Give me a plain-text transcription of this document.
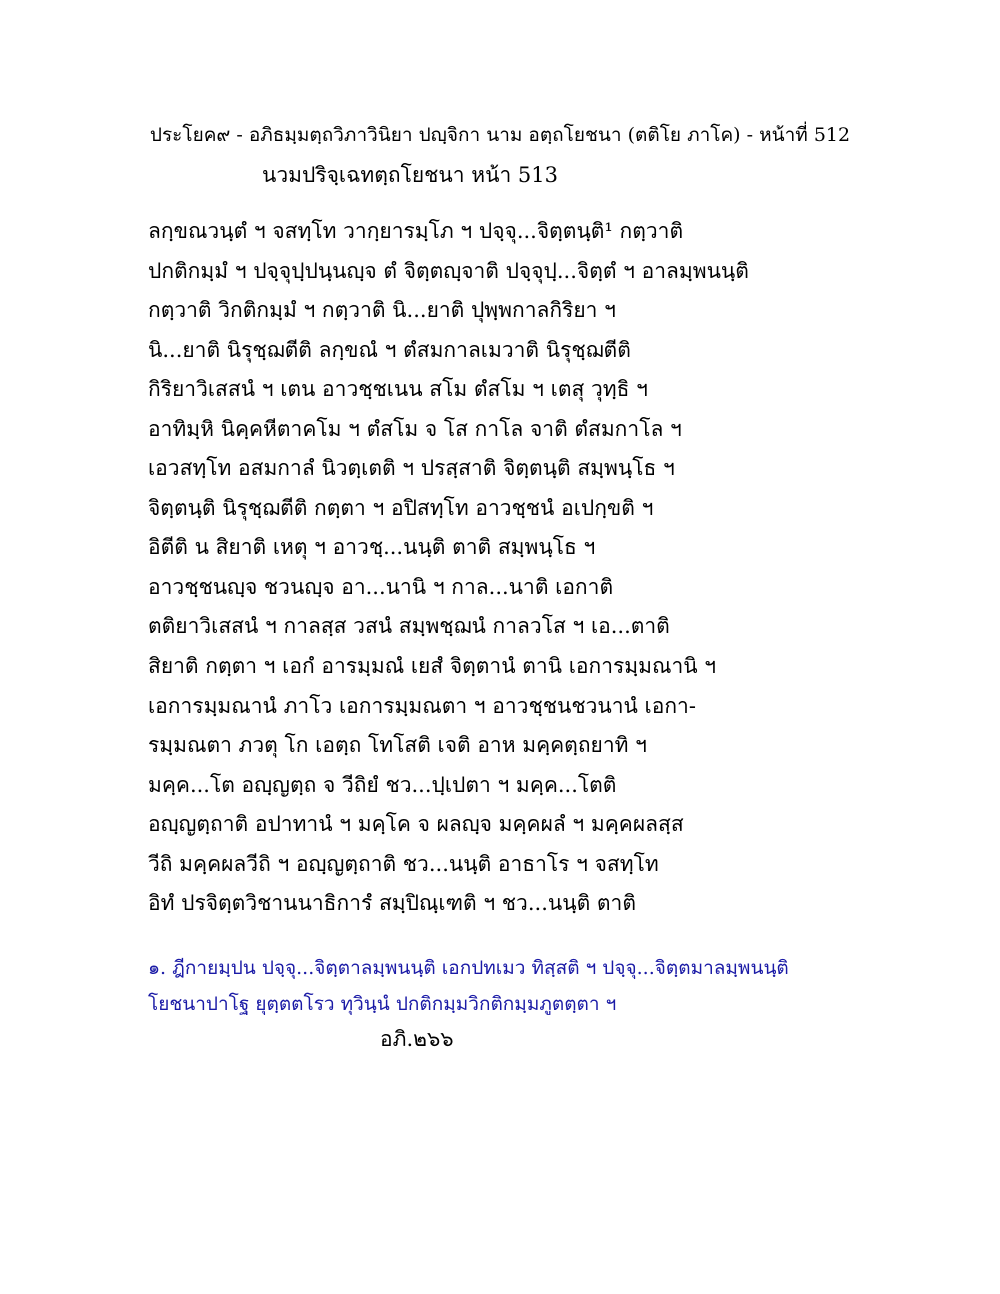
ประโยค๙ - อภิธมฺมตฺถวิภาวินิยา ปญฺจิกา นาม อตฺถโยชนา (ตติโย ภาโค) - หน้าที่ 512
นวมปริจฺเฉทตฺถโยชนา หน้า 513
ลกฺขณวนฺตํ ฯ จสทฺโท วากฺยารมฺโภ ฯ ปจฺจุ...จิตฺตนฺติ¹ กตฺวาติ
ปกติกมฺมํ ฯ ปจฺจุปฺปนฺนญฺจ ตํ จิตฺตญฺจาติ ปจฺจุปฺ...จิตฺตํ ฯ อาลมฺพนนฺติ
กตฺวาติ วิกติกมฺมํ ฯ กตฺวาติ นิ...ยาติ ปุพฺพกาลกิริยา ฯ
นิ...ยาติ นิรุชฺฌตีติ ลกฺขณํ ฯ ตํสมกาลเมวาติ นิรุชฺฌตีติ
กิริยาวิเสสนํ ฯ เตน อาวชฺชเนน สโม ตํสโม ฯ เตสุ วุทฺธิ ฯ
อาทิมฺหิ นิคฺคหีตาคโม ฯ ตํสโม จ โส กาโล จาติ ตํสมกาโล ฯ
เอวสทฺโท อสมกาลํ นิวตฺเตติ ฯ ปรสฺสาติ จิตฺตนฺติ สมฺพนฺโธ ฯ
จิตฺตนฺติ นิรุชฺฌตีติ กตฺตา ฯ อปิสทฺโท อาวชฺชนํ อเปกฺขติ ฯ
อิตีติ น สิยาติ เหตุ ฯ อาวชฺ...นนฺติ ตาติ สมฺพนฺโธ ฯ
อาวชฺชนญฺจ ชวนญฺจ อา...นานิ ฯ กาล...นาติ เอกาติ
ตติยาวิเสสนํ ฯ กาลสฺส วสนํ สมฺพชฺฌนํ กาลวโส ฯ เอ...ตาติ
สิยาติ กตฺตา ฯ เอกํ อารมฺมณํ เยสํ จิตฺตานํ ตานิ เอการมฺมณานิ ฯ
เอการมฺมณานํ ภาโว เอการมฺมณตา ฯ อาวชฺชนชวนานํ เอกา-
รมฺมณตา ภวตุ โก เอตฺถ โทโสติ เจติ อาห มคฺคตฺถยาทิ ฯ
มคฺค...โต อญฺญตฺถ จ วีถิยํ ชว...ปฺเปตา ฯ มคฺค...โตติ
อญฺญตฺถาติ อปาทานํ ฯ มคฺโค จ ผลญฺจ มคฺคผลํ ฯ มคฺคผลสฺส
วีถิ มคฺคผลวีถิ ฯ อญฺญตฺถาติ ชว...นนฺติ อาธาโร ฯ จสทฺโท
อิทํ ปรจิตฺตวิชานนาธิการํ สมฺปิณฺเฑติ ฯ ชว...นนฺติ ตาติ
๑. ฎีกายมฺปน ปจฺจุ...จิตฺตาลมฺพนนฺติ เอกปทเมว ทิสฺสติ ฯ ปจฺจุ...จิตฺตมาลมฺพนนฺติ
โยชนาปาโฐ ยุตฺตตโรว ทุวินฺนํ ปกติกมฺมวิกติกมฺมภูตตฺตา ฯ
อภิ.๒๖๖
